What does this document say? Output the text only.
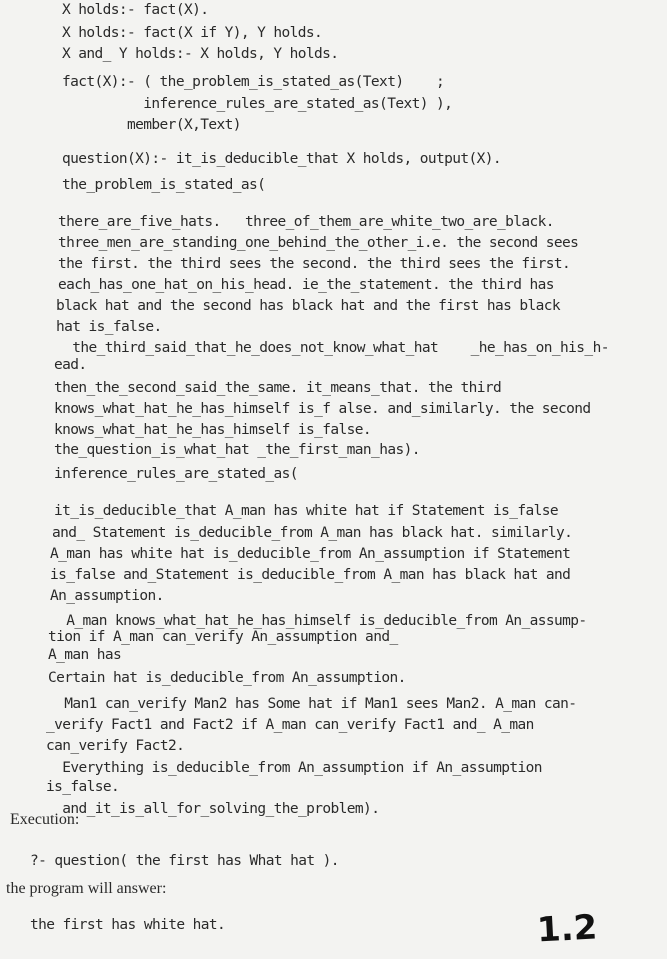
X holds:- fact(X).
X holds:- fact(X if Y), Y holds.
X and_ Y holds:- X holds, Y holds.
fact(X):- ( the_problem_is_stated_as(Text)    ;
inference_rules_are_stated_as(Text) ),
member(X,Text)
question(X):- it_is_deducible_that X holds, output(X).
the_problem_is_stated_as(
there_are_five_hats.   three_of_them_are_white_two_are_black.
three_men_are_standing_one_behind_the_other_i.e. the second sees
the first. the third sees the second. the third sees the first.
each_has_one_hat_on_his_head. ie_the_statement. the third has
black hat and the second has black hat and the first has black
hat is_false.
the_third_said_that_he_does_not_know_what_hat    _he_has_on_his_h-
ead.
then_the_second_said_the_same. it_means_that. the third
knows_what_hat_he_has_himself is_f alse. and_similarly. the second
knows_what_hat_he_has_himself is_false.
the_question_is_what_hat _the_first_man_has).
inference_rules_are_stated_as(
it_is_deducible_that A_man has white hat if Statement is_false
and_ Statement is_deducible_from A_man has black hat. similarly.
A_man has white hat is_deducible_from An_assumption if Statement
is_false and_Statement is_deducible_from A_man has black hat and
An_assumption.
A_man knows_what_hat_he_has_himself is_deducible_from An_assump-
tion if A_man can_verify An_assumption and_
A_man has
Certain hat is_deducible_from An_assumption.
Man1 can_verify Man2 has Some hat if Man1 sees Man2. A_man can-
_verify Fact1 and Fact2 if A_man can_verify Fact1 and_ A_man
can_verify Fact2.
Everything is_deducible_from An_assumption if An_assumption
is_false.
and_it_is_all_for_solving_the_problem).
Execution:
?- question( the first has What hat ).
the program will answer:
the first has white hat.	1.2
